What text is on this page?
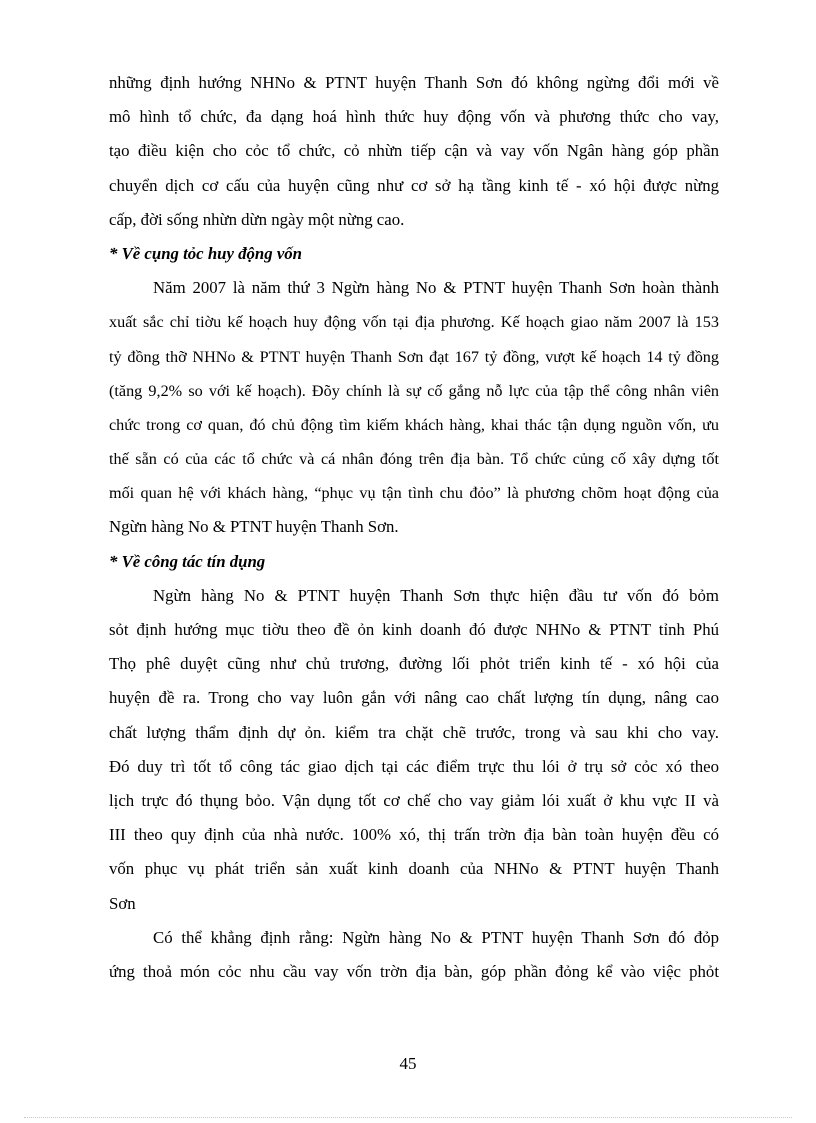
những định hướng NHNo & PTNT huyện Thanh Sơn đó không ngừng đổi mới về
mô hình tổ chức, đa dạng hoá hình thức huy động vốn và phương thức cho vay,
tạo điều kiện cho cỏc tổ chức, cỏ nhừn tiếp cận và vay vốn Ngân hàng góp phần
chuyển dịch cơ cấu của huyện cũng như cơ sở hạ tầng kinh tế - xó hội được nừng
cấp, đời sống nhừn dừn ngày một nừng cao.
* Về cụng tỏc huy động vốn
Năm 2007 là năm thứ 3 Ngừn hàng No & PTNT huyện Thanh Sơn hoàn thành
xuất sắc chỉ tiờu kế hoạch huy động vốn tại địa phương. Kế hoạch giao năm 2007 là 153
tỷ đồng thỡ NHNo & PTNT huyện Thanh Sơn đạt 167 tỷ đồng, vượt kế hoạch 14 tỷ đồng
(tăng 9,2% so với kế hoạch). Đõy chính là sự cố gắng nỗ lực của tập thể công nhân viên
chức trong cơ quan, đó chủ động tìm kiếm khách hàng, khai thác tận dụng nguồn vốn, ưu
thế sẵn có của các tổ chức và cá nhân đóng trên địa bàn. Tổ chức củng cố xây dựng tốt
mối quan hệ với khách hàng, “phục vụ tận tình chu đỏo” là phương chõm hoạt động của
Ngừn hàng No & PTNT huyện Thanh Sơn.
* Về công tác tín dụng
Ngừn hàng No & PTNT huyện Thanh Sơn thực hiện đầu tư vốn đó bỏm
sỏt định hướng mục tiờu theo đề ỏn kinh doanh đó được NHNo & PTNT tỉnh Phú
Thọ phê duyệt cũng như chủ trương, đường lối phỏt triển kinh tế - xó hội của
huyện đề ra. Trong cho vay luôn gắn với nâng cao chất lượng tín dụng, nâng cao
chất lượng thẩm định dự ỏn. kiểm tra chặt chẽ trước, trong và sau khi cho vay.
Đó duy trì tốt tổ công tác giao dịch tại các điểm trực thu lói ở trụ sở cỏc xó theo
lịch trực đó thụng bỏo. Vận dụng tốt cơ chế cho vay giảm lói xuất ở khu vực II và
III theo quy định của nhà nước. 100% xó, thị trấn trờn địa bàn toàn huyện đều có
vốn phục vụ phát triển sản xuất kinh doanh của NHNo & PTNT huyện Thanh
Sơn
Có thể khẳng định rằng: Ngừn hàng No & PTNT huyện Thanh Sơn đó đỏp
ứng thoả món cỏc nhu cầu vay vốn trờn địa bàn, góp phần đỏng kể vào việc phỏt
45
